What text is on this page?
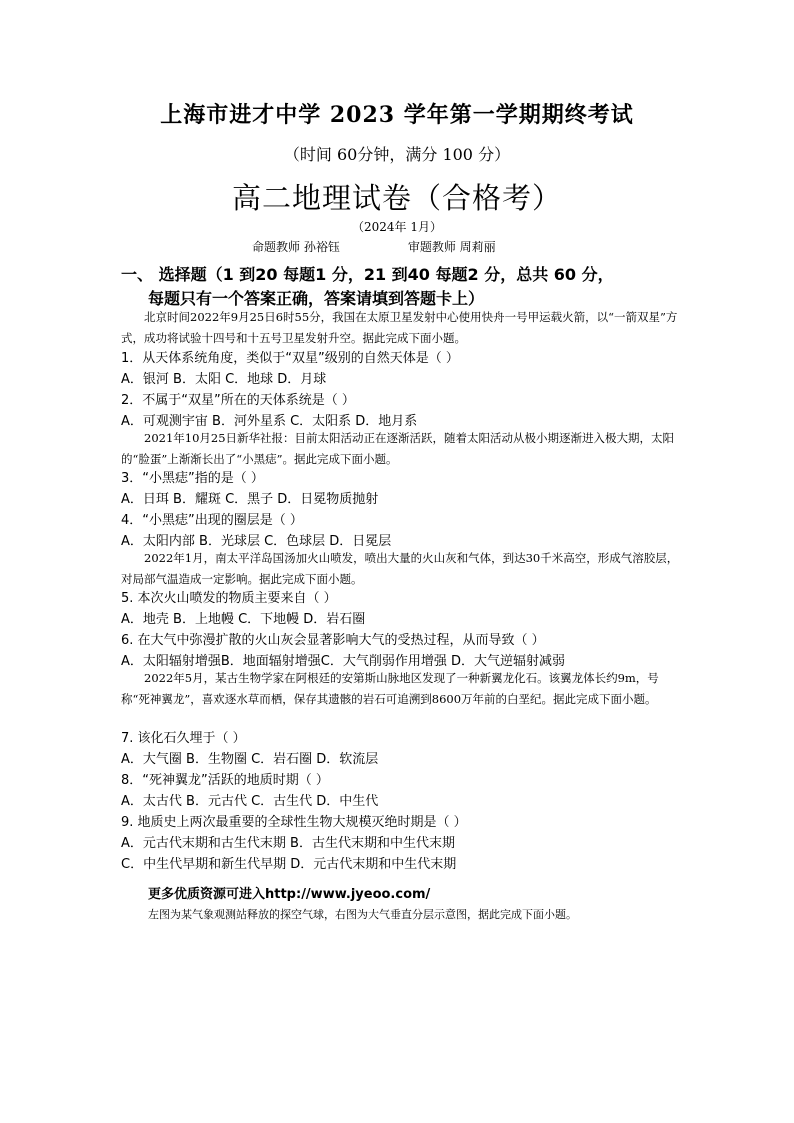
上海市进才中学 2023 学年第一学期期终考试
（时间 60分钟，满分 100 分）
高二地理试卷（合格考）
（2024年 1月）
命题教师 孙裕钰	审题教师 周莉丽
一、 选择题（1 到20 每题1 分，21 到40 每题2 分，总共 60 分，
每题只有一个答案正确，答案请填到答题卡上）
北京时间2022年9月25日6时55分，我国在太原卫星发射中心使用快舟一号甲运载火箭，以“一箭双星”方式，成功将试验十四号和十五号卫星发射升空。据此完成下面小题。
1．从天体系统角度，类似于“双星”级别的自然天体是（ ）
A．银河 B．太阳 C．地球 D．月球
2．不属于“双星”所在的天体系统是（ ）
A．可观测宇宙 B．河外星系 C．太阳系 D．地月系
2021年10月25日新华社报：目前太阳活动正在逐渐活跃，随着太阳活动从极小期逐渐进入极大期，太阳的“脸蛋”上渐渐长出了“小黑痣”。据此完成下面小题。
3．“小黑痣”指的是（ ）
A．日珥 B．耀斑 C．黑子 D．日冕物质抛射
4．“小黑痣”出现的圈层是（ ）
A．太阳内部 B．光球层 C．色球层 D．日冕层
2022年1月，南太平洋岛国汤加火山喷发，喷出大量的火山灰和气体，到达30千米高空，形成气溶胶层，对局部气温造成一定影响。据此完成下面小题。
5. 本次火山喷发的物质主要来自（ ）
A．地壳 B．上地幔 C．下地幔 D．岩石圈
6. 在大气中弥漫扩散的火山灰会显著影响大气的受热过程，从而导致（ ）
A．太阳辐射增强B．地面辐射增强C．大气削弱作用增强 D．大气逆辐射减弱
2022年5月，某古生物学家在阿根廷的安第斯山脉地区发现了一种新翼龙化石。该翼龙体长约9m，号称“死神翼龙”，喜欢逐水草而栖，保存其遗骸的岩石可追溯到8600万年前的白垩纪。据此完成下面小题。
7. 该化石久埋于（ ）
A．大气圈 B．生物圈 C．岩石圈 D．软流层
8．“死神翼龙”活跃的地质时期（ ）
A．太古代 B．元古代 C．古生代 D．中生代
9. 地质史上两次最重要的全球性生物大规模灭绝时期是（ ）
A．元古代末期和古生代末期 B．古生代末期和中生代末期
C．中生代早期和新生代早期 D．元古代末期和中生代末期
更多优质资源可进入http://www.jyeoo.com/
左图为某气象观测站释放的探空气球，右图为大气垂直分层示意图，据此完成下面小题。
